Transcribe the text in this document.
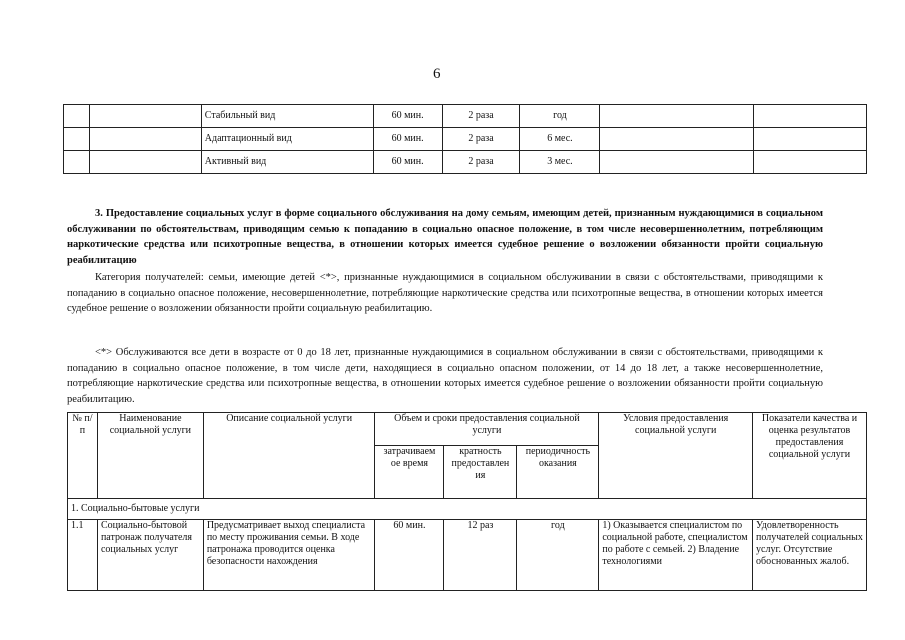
6
		Стабильный вид	60 мин.	2 раза	год		
		Адаптационный вид	60 мин.	2 раза	6 мес.		
		Активный вид	60 мин.	2 раза	3 мес.		
3. Предоставление социальных услуг в форме социального обслуживания на дому семьям, имеющим детей, признанным нуждающимися в социальном обслуживании по обстоятельствам, приводящим семью к попаданию в социально опасное положение, в том числе несовершеннолетним, потребляющим наркотические средства или психотропные вещества, в отношении которых имеется судебное решение о возложении обязанности пройти социальную реабилитацию
Категория получателей: семьи, имеющие детей <*>, признанные нуждающимися в социальном обслуживании в связи с обстоятельствами, приводящими к попаданию в социально опасное положение, несовершеннолетние, потребляющие наркотические средства или психотропные вещества, в отношении которых имеется судебное решение о возложении обязанности пройти социальную реабилитацию.
<*> Обслуживаются все дети в возрасте от 0 до 18 лет, признанные нуждающимися в социальном обслуживании в связи с обстоятельствами, приводящими к попаданию в социально опасное положение, в том числе дети, находящиеся в социально опасном положении, от 14 до 18 лет, а также несовершеннолетние, потребляющие наркотические средства или психотропные вещества, в отношении которых имеется судебное решение о возложении обязанности пройти социальную реабилитацию.
№ п/п	Наименование социальной услуги	Описание социальной услуги	Объем и сроки предоставления социальной услуги			Условия предоставления социальной услуги	Показатели качества и оценка результатов предоставления социальной услуги
			затрачиваем ое время	кратность предоставлен ия	периодичность оказания		
1. Социально-бытовые услуги							
1.1	Социально-бытовой патронаж получателя социальных услуг	Предусматривает выход специалиста по месту проживания семьи. В ходе патронажа проводится оценка безопасности нахождения	60 мин.	12 раз	год	1) Оказывается специалистом по социальной работе, специалистом по работе с семьей. 2) Владение технологиями	Удовлетворенность получателей социальных услуг. Отсутствие обоснованных жалоб.
